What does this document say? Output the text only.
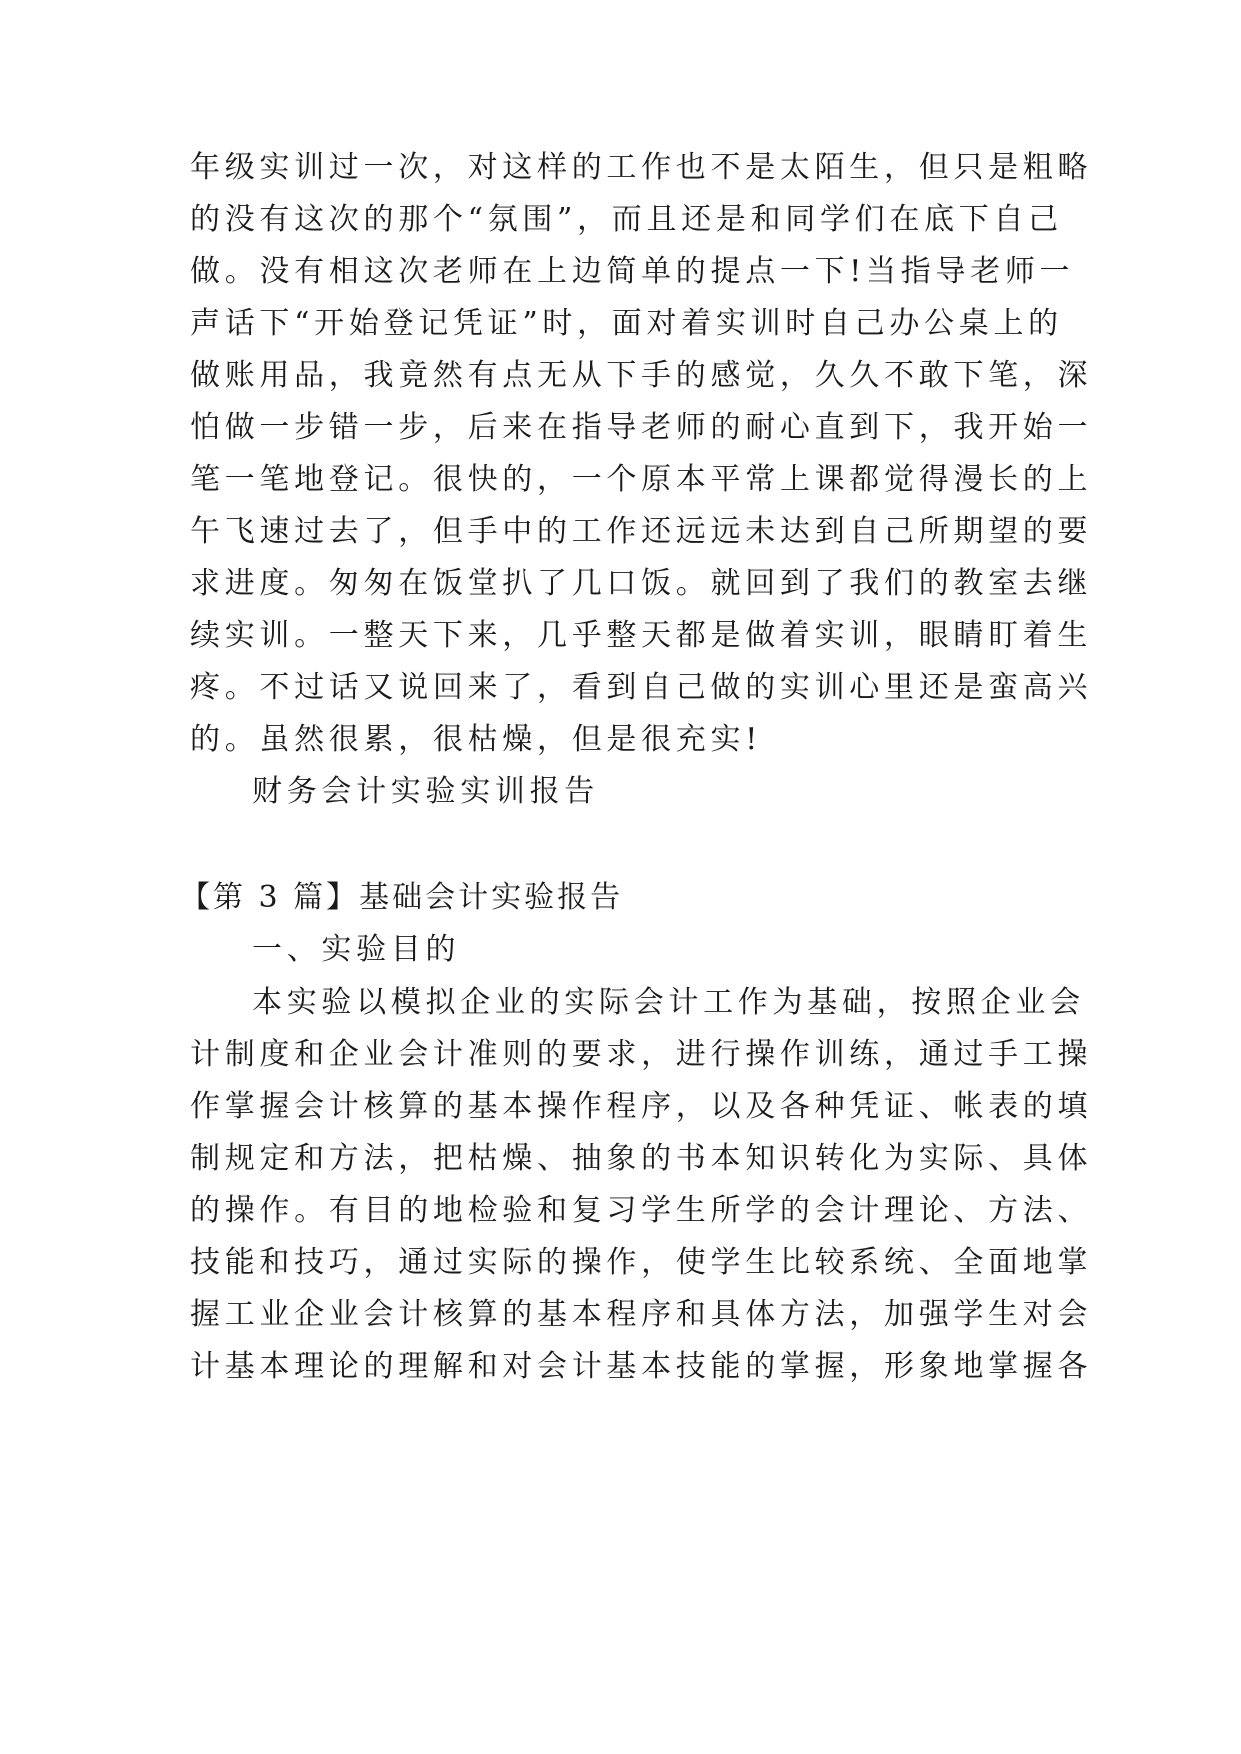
年级实训过一次，对这样的工作也不是太陌生，但只是粗略
的没有这次的那个“氛围”，而且还是和同学们在底下自己
做。没有相这次老师在上边简单的提点一下!当指导老师一
声话下“开始登记凭证”时，面对着实训时自己办公桌上的
做账用品，我竟然有点无从下手的感觉，久久不敢下笔，深
怕做一步错一步，后来在指导老师的耐心直到下，我开始一
笔一笔地登记。很快的，一个原本平常上课都觉得漫长的上
午飞速过去了，但手中的工作还远远未达到自己所期望的要
求进度。匆匆在饭堂扒了几口饭。就回到了我们的教室去继
续实训。一整天下来，几乎整天都是做着实训，眼睛盯着生
疼。不过话又说回来了，看到自己做的实训心里还是蛮高兴
的。虽然很累，很枯燥，但是很充实!
财务会计实验实训报告
【第 3 篇】基础会计实验报告
一、实验目的
本实验以模拟企业的实际会计工作为基础，按照企业会
计制度和企业会计准则的要求，进行操作训练，通过手工操
作掌握会计核算的基本操作程序，以及各种凭证、帐表的填
制规定和方法，把枯燥、抽象的书本知识转化为实际、具体
的操作。有目的地检验和复习学生所学的会计理论、方法、
技能和技巧，通过实际的操作，使学生比较系统、全面地掌
握工业企业会计核算的基本程序和具体方法，加强学生对会
计基本理论的理解和对会计基本技能的掌握，形象地掌握各
